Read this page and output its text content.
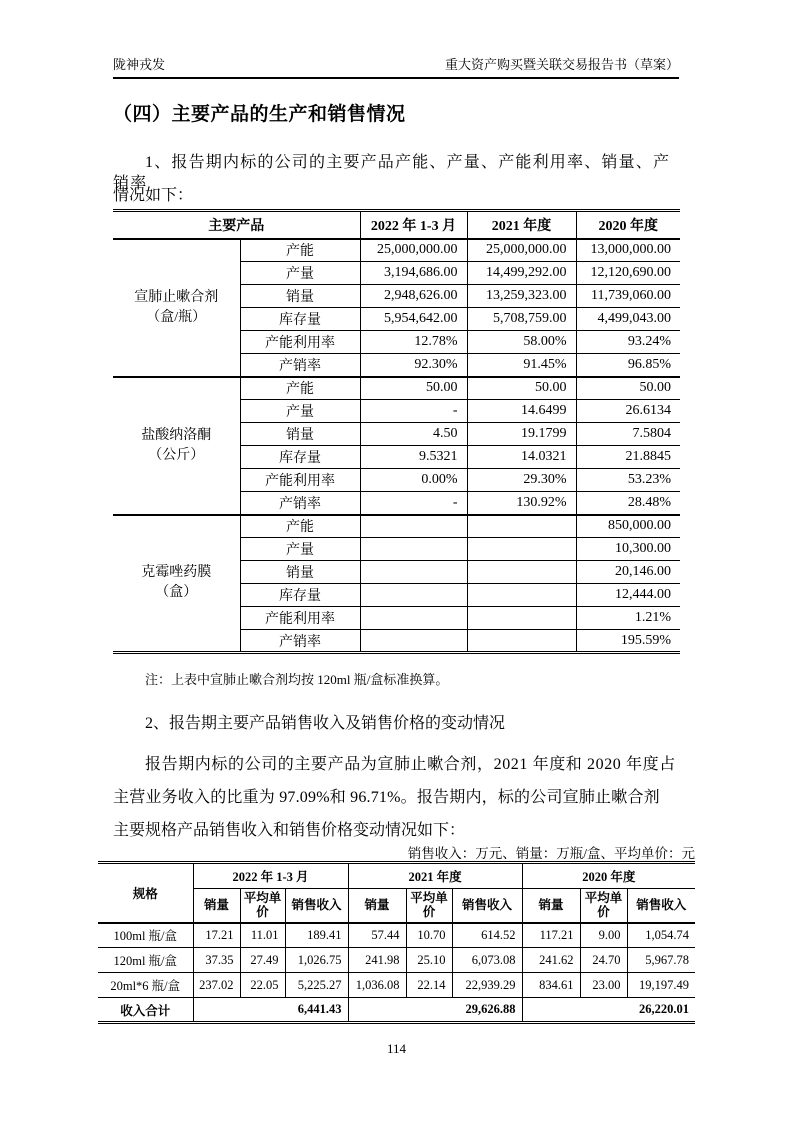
陇神戎发	重大资产购买暨关联交易报告书（草案）
（四）主要产品的生产和销售情况
1、报告期内标的公司的主要产品产能、产量、产能利用率、销量、产销率
情况如下：
主要产品		2022 年 1-3 月	2021 年度	2020 年度

宣肺止嗽合剂
（盒/瓶）	产能	25,000,000.00	25,000,000.00	13,000,000.00
	产量	3,194,686.00	14,499,292.00	12,120,690.00
	销量	2,948,626.00	13,259,323.00	11,739,060.00
	库存量	5,954,642.00	5,708,759.00	4,499,043.00
	产能利用率	12.78%	58.00%	93.24%
	产销率	92.30%	91.45%	96.85%

盐酸纳洛酮
（公斤）	产能	50.00	50.00	50.00
	产量	-	14.6499	26.6134
	销量	4.50	19.1799	7.5804
	库存量	9.5321	14.0321	21.8845
	产能利用率	0.00%	29.30%	53.23%
	产销率	-	130.92%	28.48%

克霉唑药膜
（盒）	产能			850,000.00
	产量			10,300.00
	销量			20,146.00
	库存量			12,444.00
	产能利用率			1.21%
	产销率			195.59%
注：上表中宣肺止嗽合剂均按 120ml 瓶/盒标准换算。
2、报告期主要产品销售收入及销售价格的变动情况
报告期内标的公司的主要产品为宣肺止嗽合剂，2021 年度和 2020 年度占
主营业务收入的比重为 97.09%和 96.71%。报告期内，标的公司宣肺止嗽合剂
主要规格产品销售收入和销售价格变动情况如下：
销售收入：万元、销量：万瓶/盒、平均单价：元
规格	2022 年 1-3 月			2021 年度			2020 年度		
	销量	平均单价	销售收入	销量	平均单价	销售收入	销量	平均单价	销售收入
100ml 瓶/盒	17.21	11.01	189.41	57.44	10.70	614.52	117.21	9.00	1,054.74
120ml 瓶/盒	37.35	27.49	1,026.75	241.98	25.10	6,073.08	241.62	24.70	5,967.78
20ml*6 瓶/盒	237.02	22.05	5,225.27	1,036.08	22.14	22,939.29	834.61	23.00	19,197.49
收入合计	6,441.43			29,626.88			26,220.01		
114
